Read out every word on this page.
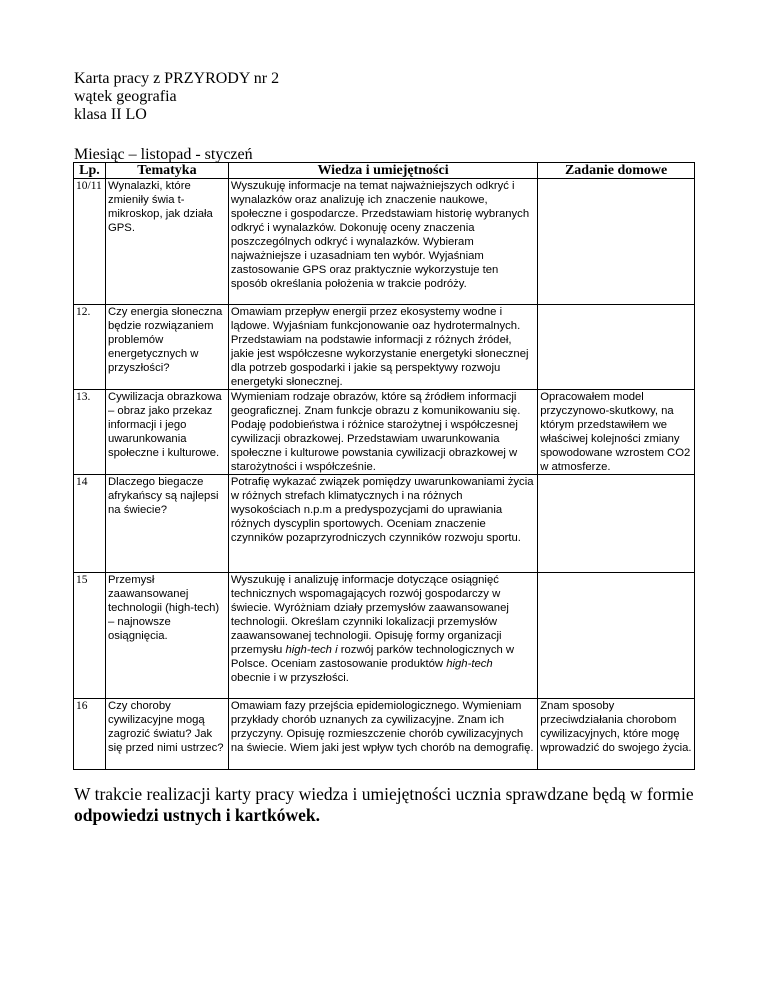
Karta pracy z PRZYRODY nr 2
wątek geografia
klasa II LO
Miesiąc – listopad - styczeń
Lp.	Tematyka	Wiedza i umiejętności	Zadanie domowe
10/11	Wynalazki, które zmieniły świa t- mikroskop, jak działa GPS.	Wyszukuję informacje na temat najważniejszych odkryć i wynalazków oraz analizuję ich znaczenie naukowe, społeczne i gospodarcze. Przedstawiam historię wybranych odkryć i wynalazków. Dokonuję oceny znaczenia poszczególnych odkryć i wynalazków. Wybieram najważniejsze i uzasadniam ten wybór. Wyjaśniam zastosowanie GPS oraz praktycznie wykorzystuje ten sposób określania położenia w trakcie podróży.	
12.	Czy energia słoneczna będzie rozwiązaniem problemów energetycznych w przyszłości?	Omawiam przepływ energii przez ekosystemy wodne i lądowe. Wyjaśniam funkcjonowanie oaz hydrotermalnych. Przedstawiam na podstawie informacji z różnych źródeł, jakie jest współczesne wykorzystanie energetyki słonecznej dla potrzeb gospodarki i jakie są perspektywy rozwoju energetyki słonecznej.	
13.	Cywilizacja obrazkowa – obraz jako przekaz informacji i jego uwarunkowania społeczne i kulturowe.	Wymieniam rodzaje obrazów, które są źródłem informacji geograficznej. Znam funkcje obrazu z komunikowaniu się. Podaję podobieństwa i różnice starożytnej i współczesnej cywilizacji obrazkowej. Przedstawiam uwarunkowania społeczne i kulturowe powstania cywilizacji obrazkowej w starożytności i współcześnie.	Opracowałem model przyczynowo-skutkowy, na którym przedstawiłem we właściwej kolejności zmiany spowodowane wzrostem CO2 w atmosferze.
14	Dlaczego biegacze afrykańscy są najlepsi na świecie?	Potrafię wykazać związek pomiędzy uwarunkowaniami życia w różnych strefach klimatycznych i na różnych wysokościach n.p.m a predyspozycjami do uprawiania różnych dyscyplin sportowych. Oceniam znaczenie czynników pozaprzyrodniczych czynników rozwoju sportu.	
15	Przemysł zaawansowanej technologii (high-tech) – najnowsze osiągnięcia.	Wyszukuję i analizuję informacje dotyczące osiągnięć technicznych wspomagających rozwój gospodarczy w świecie. Wyróżniam działy przemysłów zaawansowanej technologii. Określam czynniki lokalizacji przemysłów zaawansowanej technologii. Opisuję formy organizacji przemysłu high-tech i rozwój parków technologicznych w Polsce. Oceniam zastosowanie produktów high-tech obecnie i w przyszłości.	
16	Czy choroby cywilizacyjne mogą zagrozić światu? Jak się przed nimi ustrzec?	Omawiam fazy przejścia epidemiologicznego. Wymieniam przykłady chorób uznanych za cywilizacyjne. Znam ich przyczyny. Opisuję rozmieszczenie chorób cywilizacyjnych na świecie. Wiem jaki jest wpływ tych chorób na demografię.	Znam sposoby przeciwdziałania chorobom cywilizacyjnych, które mogę wprowadzić do swojego życia.
W trakcie realizacji karty pracy wiedza i umiejętności ucznia sprawdzane będą w formie odpowiedzi ustnych i kartkówek.
